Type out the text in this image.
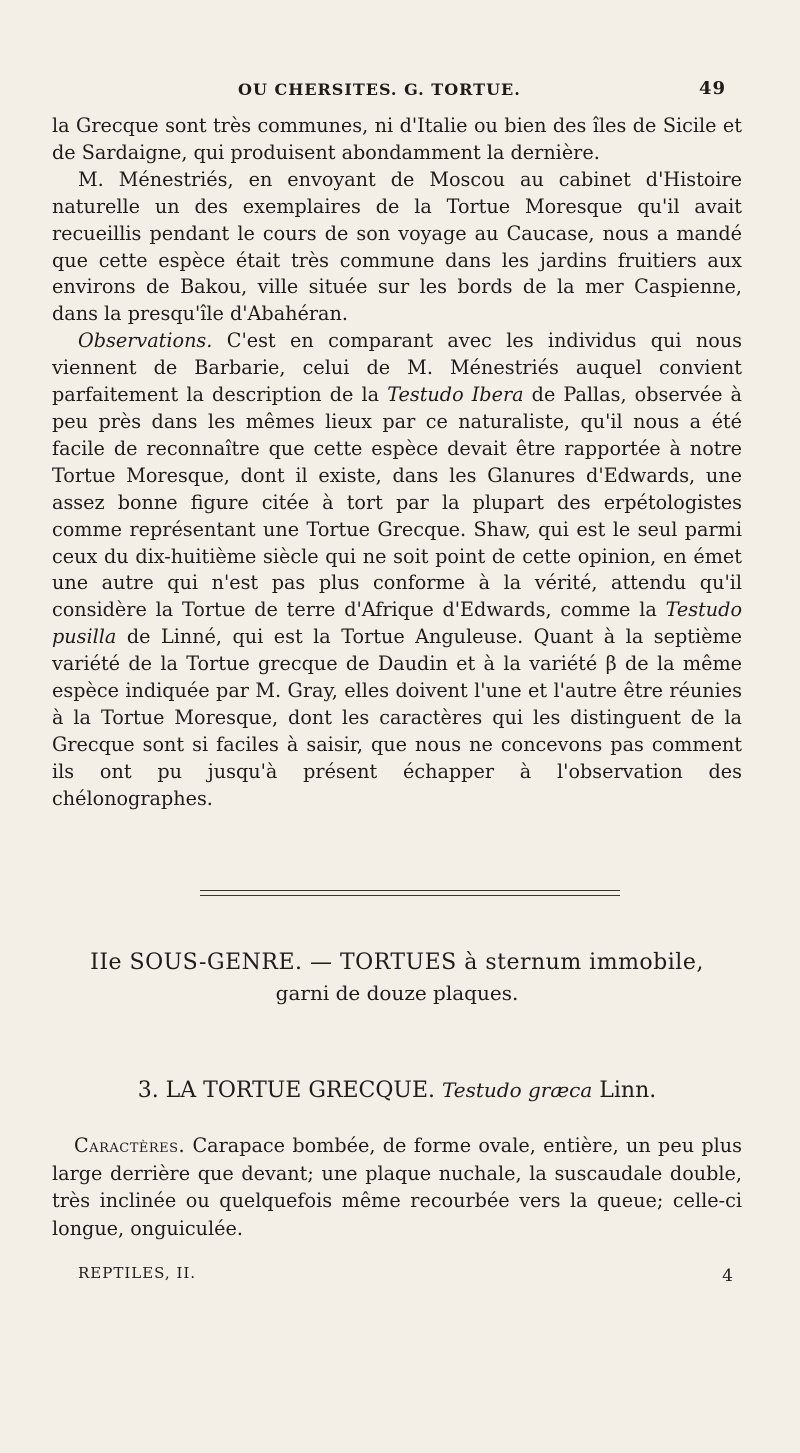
OU CHERSITES. G. TORTUE.	49

la Grecque sont très communes, ni d'Italie ou bien des îles de Sicile et de Sardaigne, qui produisent abondamment la dernière.

M. Ménestriés, en envoyant de Moscou au cabinet d'Histoire naturelle un des exemplaires de la Tortue Moresque qu'il avait recueillis pendant le cours de son voyage au Caucase, nous a mandé que cette espèce était très commune dans les jardins fruitiers aux environs de Bakou, ville située sur les bords de la mer Caspienne, dans la presqu'île d'Abahéran.

Observations. C'est en comparant avec les individus qui nous viennent de Barbarie, celui de M. Ménestriés auquel convient parfaitement la description de la Testudo Ibera de Pallas, observée à peu près dans les mêmes lieux par ce naturaliste, qu'il nous a été facile de reconnaître que cette espèce devait être rapportée à notre Tortue Moresque, dont il existe, dans les Glanures d'Edwards, une assez bonne figure citée à tort par la plupart des erpétologistes comme représentant une Tortue Grecque. Shaw, qui est le seul parmi ceux du dix-huitième siècle qui ne soit point de cette opinion, en émet une autre qui n'est pas plus conforme à la vérité, attendu qu'il considère la Tortue de terre d'Afrique d'Edwards, comme la Testudo pusilla de Linné, qui est la Tortue Anguleuse. Quant à la septième variété de la Tortue grecque de Daudin et à la variété β de la même espèce indiquée par M. Gray, elles doivent l'une et l'autre être réunies à la Tortue Moresque, dont les caractères qui les distinguent de la Grecque sont si faciles à saisir, que nous ne concevons pas comment ils ont pu jusqu'à présent échapper à l'observation des chélonographes.

IIe SOUS-GENRE. — TORTUES à sternum immobile,
garni de douze plaques.
3. LA TORTUE GRECQUE. Testudo græca Linn.

Caractères. Carapace bombée, de forme ovale, entière, un peu plus large derrière que devant; une plaque nuchale, la suscaudale double, très inclinée ou quelquefois même recourbée vers la queue; celle-ci longue, onguiculée.

REPTILES, II.	4
